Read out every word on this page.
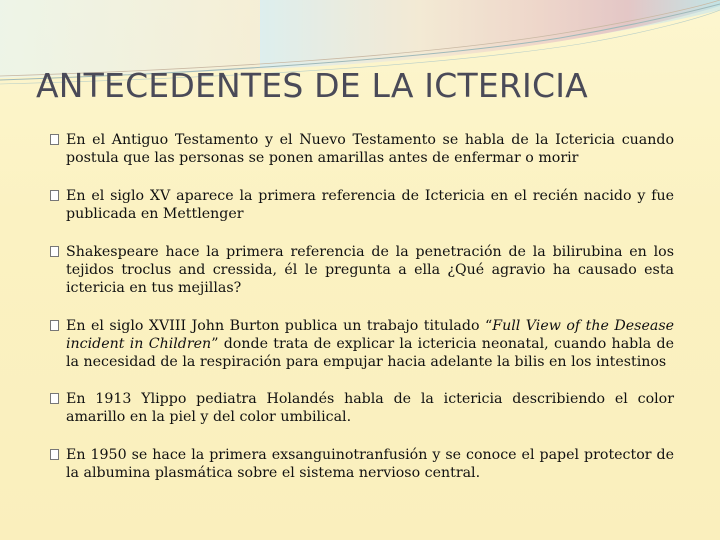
ANTECEDENTES DE LA ICTERICIA
En el Antiguo Testamento y el Nuevo Testamento se habla de la Ictericia cuando postula que las personas se ponen amarillas antes de enfermar o morir
En el siglo XV aparece la primera referencia de Ictericia en el recién nacido y fue publicada en Mettlenger
Shakespeare hace la primera referencia de la penetración de la bilirubina en los tejidos troclus and cressida, él le pregunta a ella ¿Qué agravio ha causado esta ictericia en tus mejillas?
En el siglo XVIII John Burton publica un trabajo titulado “Full View of the Desease incident in Children” donde trata de explicar la ictericia neonatal, cuando habla de la necesidad de la respiración para empujar hacia adelante la bilis en los intestinos
En 1913 Ylippo pediatra Holandés habla de la ictericia describiendo el color amarillo en la piel y del color umbilical.
En 1950 se hace la primera exsanguinotranfusión y se conoce el papel protector de la albumina plasmática sobre el sistema nervioso central.
